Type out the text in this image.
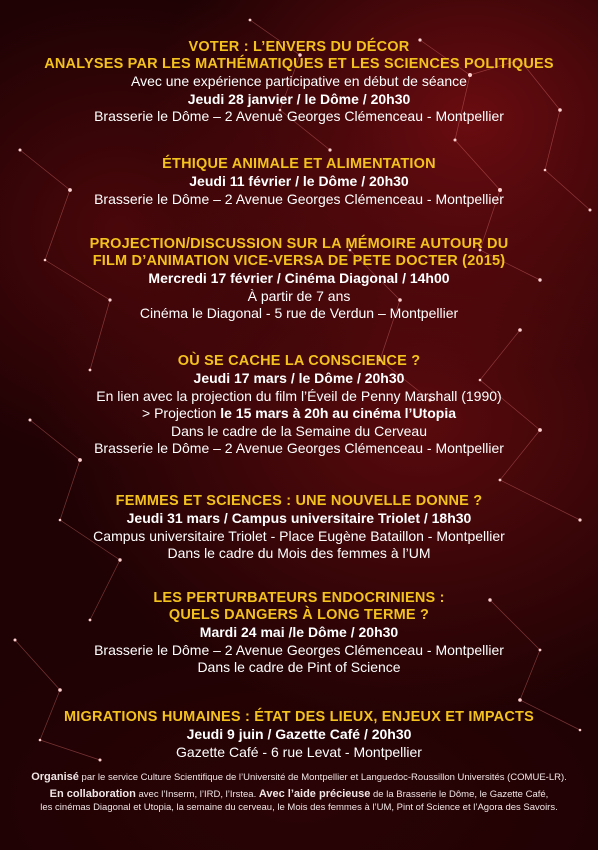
VOTER : L’ENVERS DU DÉCOR
ANALYSES PAR LES MATHÉMATIQUES ET LES SCIENCES POLITIQUES
Avec une expérience participative en début de séance
Jeudi 28 janvier / le Dôme / 20h30
Brasserie le Dôme – 2 Avenue Georges Clémenceau - Montpellier
ÉTHIQUE ANIMALE ET ALIMENTATION
Jeudi 11 février / le Dôme / 20h30
Brasserie le Dôme – 2 Avenue Georges Clémenceau - Montpellier
PROJECTION/DISCUSSION SUR LA MÉMOIRE AUTOUR DU
FILM D’ANIMATION VICE-VERSA DE PETE DOCTER (2015)
Mercredi 17 février / Cinéma Diagonal / 14h00
À partir de 7 ans
Cinéma le Diagonal - 5 rue de Verdun – Montpellier
OÙ SE CACHE LA CONSCIENCE ?
Jeudi 17 mars / le Dôme / 20h30
En lien avec la projection du film l’Éveil de Penny Marshall (1990)
> Projection le 15 mars à 20h au cinéma l’Utopia
Dans le cadre de la Semaine du Cerveau
Brasserie le Dôme – 2 Avenue Georges Clémenceau - Montpellier
FEMMES ET SCIENCES : UNE NOUVELLE DONNE ?
Jeudi 31 mars / Campus universitaire Triolet / 18h30
Campus universitaire Triolet - Place Eugène Bataillon - Montpellier
Dans le cadre du Mois des femmes à l’UM
LES PERTURBATEURS ENDOCRINIENS :
QUELS DANGERS À LONG TERME ?
Mardi 24 mai /le Dôme / 20h30
Brasserie le Dôme – 2 Avenue Georges Clémenceau - Montpellier
Dans le cadre de Pint of Science
MIGRATIONS HUMAINES : ÉTAT DES LIEUX, ENJEUX ET IMPACTS
Jeudi 9 juin / Gazette Café / 20h30
Gazette Café - 6 rue Levat - Montpellier
Organisé par le service Culture Scientifique de l’Université de Montpellier et Languedoc-Roussillon Universités (COMUE-LR).
En collaboration avec l’Inserm, l’IRD, l’Irstea. Avec l’aide précieuse de la Brasserie le Dôme, le Gazette Café,
les cinémas Diagonal et Utopia, la semaine du cerveau, le Mois des femmes à l’UM, Pint of Science et l’Agora des Savoirs.
